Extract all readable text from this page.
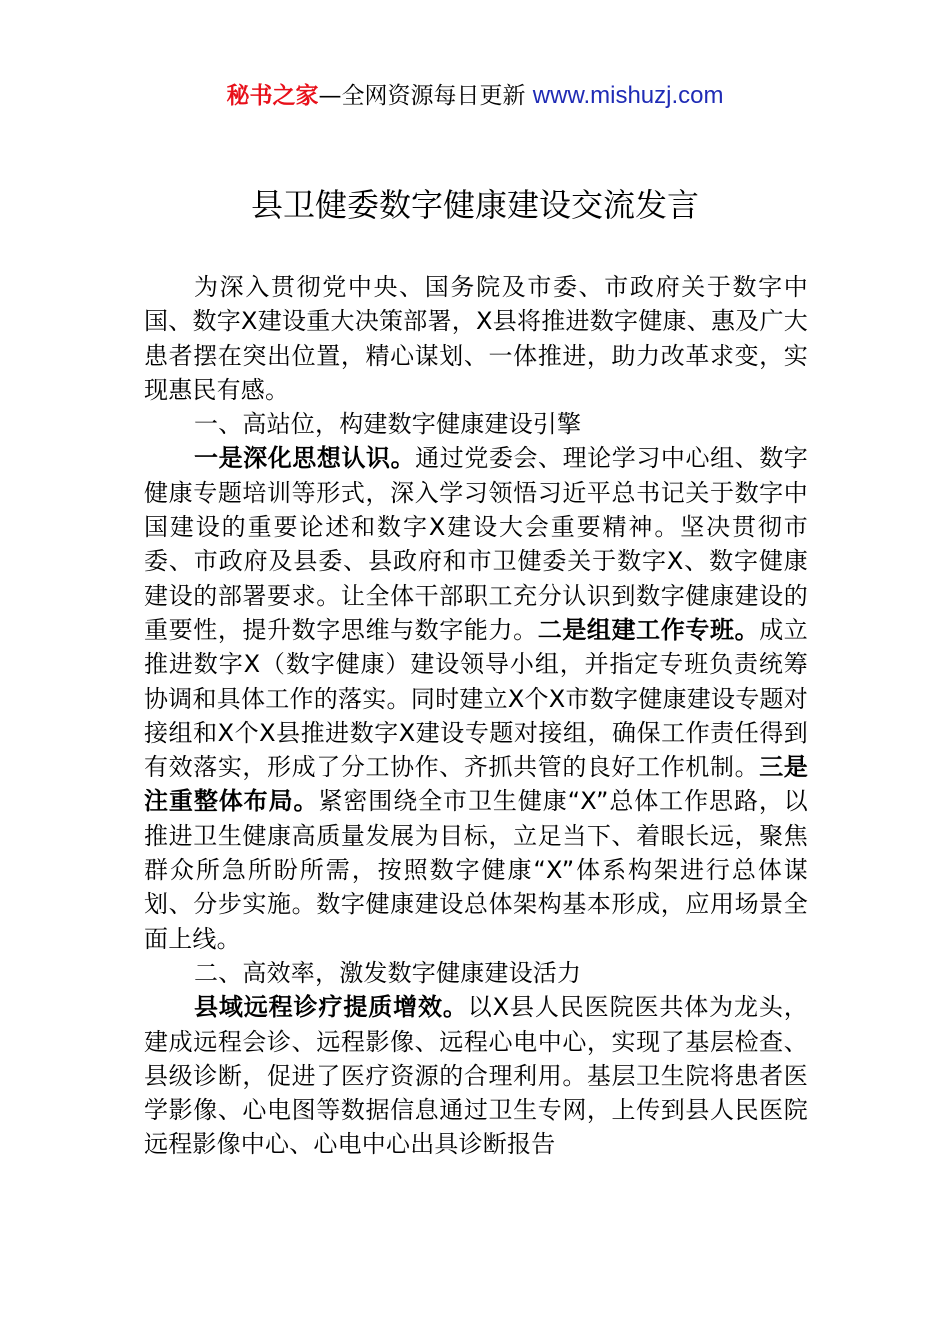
秘书之家—全网资源每日更新 www.mishuzj.com
县卫健委数字健康建设交流发言

为深入贯彻党中央、国务院及市委、市政府关于数字中国、数字X建设重大决策部署，X县将推进数字健康、惠及广大患者摆在突出位置，精心谋划、一体推进，助力改革求变，实现惠民有感。

一、高站位，构建数字健康建设引擎

一是深化思想认识。通过党委会、理论学习中心组、数字健康专题培训等形式，深入学习领悟习近平总书记关于数字中国建设的重要论述和数字X建设大会重要精神。坚决贯彻市委、市政府及县委、县政府和市卫健委关于数字X、数字健康建设的部署要求。让全体干部职工充分认识到数字健康建设的重要性，提升数字思维与数字能力。二是组建工作专班。成立推进数字X（数字健康）建设领导小组，并指定专班负责统筹协调和具体工作的落实。同时建立X个X市数字健康建设专题对接组和X个X县推进数字X建设专题对接组，确保工作责任得到有效落实，形成了分工协作、齐抓共管的良好工作机制。三是注重整体布局。紧密围绕全市卫生健康“X”总体工作思路，以推进卫生健康高质量发展为目标，立足当下、着眼长远，聚焦群众所急所盼所需，按照数字健康“X”体系构架进行总体谋划、分步实施。数字健康建设总体架构基本形成，应用场景全面上线。

二、高效率，激发数字健康建设活力

县域远程诊疗提质增效。以X县人民医院医共体为龙头，建成远程会诊、远程影像、远程心电中心，实现了基层检查、县级诊断，促进了医疗资源的合理利用。基层卫生院将患者医学影像、心电图等数据信息通过卫生专网，上传到县人民医院远程影像中心、心电中心出具诊断报告
